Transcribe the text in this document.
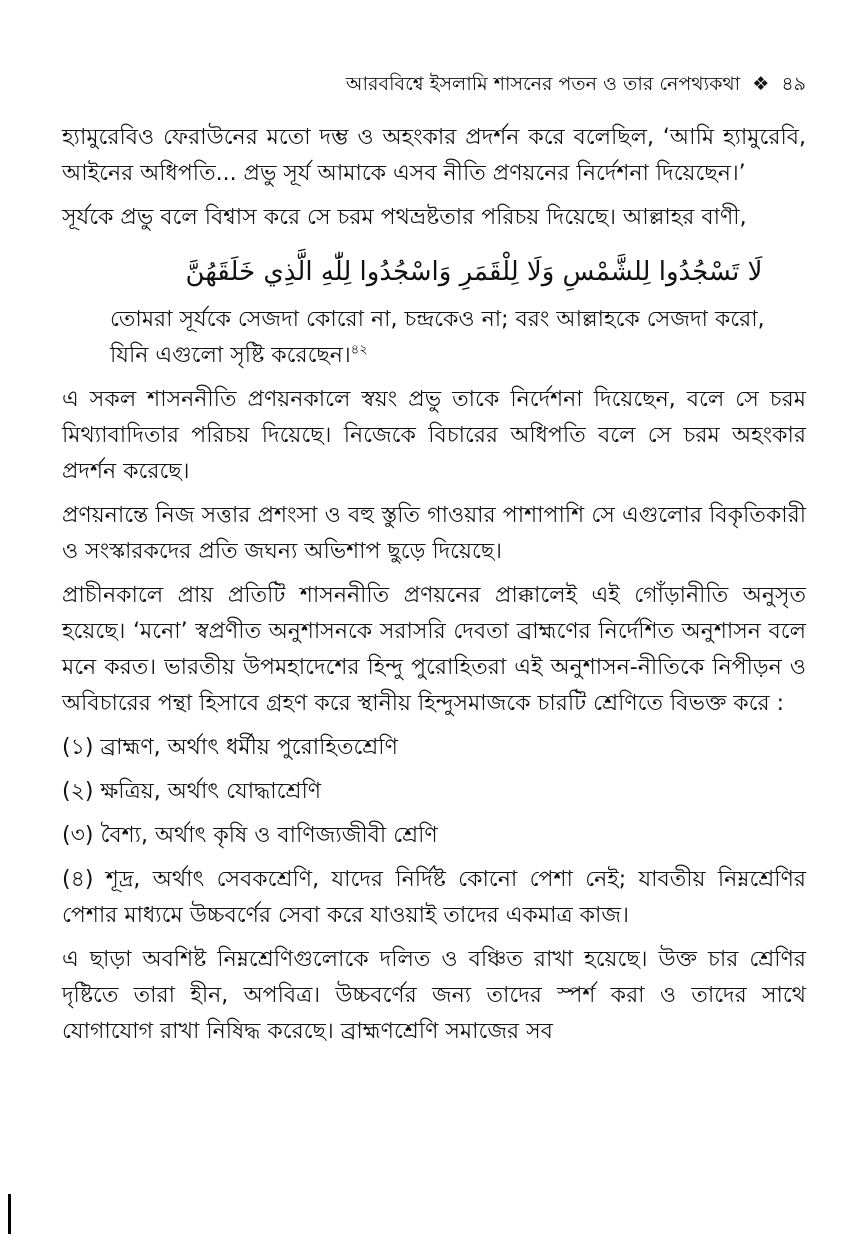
আরববিশ্বে ইসলামি শাসনের পতন ও তার নেপথ্যকথা ❖ ৪৯

হ্যামুরেবিও ফেরাউনের মতো দম্ভ ও অহংকার প্রদর্শন করে বলেছিল, ‘আমি হ্যামুরেবি, আইনের অধিপতি... প্রভু সূর্য আমাকে এসব নীতি প্রণয়নের নির্দেশনা দিয়েছেন।’

সূর্যকে প্রভু বলে বিশ্বাস করে সে চরম পথভ্রষ্টতার পরিচয় দিয়েছে। আল্লাহর বাণী,

لَا تَسْجُدُوا لِلشَّمْسِ وَلَا لِلْقَمَرِ وَاسْجُدُوا لِلّٰهِ الَّذِي خَلَقَهُنَّ

তোমরা সূর্যকে সেজদা কোরো না, চন্দ্রকেও না; বরং আল্লাহকে সেজদা করো, যিনি এগুলো সৃষ্টি করেছেন।$^{৪২}$

এ সকল শাসননীতি প্রণয়নকালে স্বয়ং প্রভু তাকে নির্দেশনা দিয়েছেন, বলে সে চরম মিথ্যাবাদিতার পরিচয় দিয়েছে। নিজেকে বিচারের অধিপতি বলে সে চরম অহংকার প্রদর্শন করেছে।

প্রণয়নান্তে নিজ সত্তার প্রশংসা ও বহু স্তুতি গাওয়ার পাশাপাশি সে এগুলোর বিকৃতিকারী ও সংস্কারকদের প্রতি জঘন্য অভিশাপ ছুড়ে দিয়েছে।

প্রাচীনকালে প্রায় প্রতিটি শাসননীতি প্রণয়নের প্রাক্কালেই এই গোঁড়ানীতি অনুসৃত হয়েছে। ‘মনো’ স্বপ্রণীত অনুশাসনকে সরাসরি দেবতা ব্রাহ্মণের নির্দেশিত অনুশাসন বলে মনে করত। ভারতীয় উপমহাদেশের হিন্দু পুরোহিতরা এই অনুশাসন-নীতিকে নিপীড়ন ও অবিচারের পন্থা হিসাবে গ্রহণ করে স্থানীয় হিন্দুসমাজকে চারটি শ্রেণিতে বিভক্ত করে :

(১) ব্রাহ্মণ, অর্থাৎ ধর্মীয় পুরোহিতশ্রেণি

(২) ক্ষত্রিয়, অর্থাৎ যোদ্ধাশ্রেণি

(৩) বৈশ্য, অর্থাৎ কৃষি ও বাণিজ্যজীবী শ্রেণি

(৪) শূদ্র, অর্থাৎ সেবকশ্রেণি, যাদের নির্দিষ্ট কোনো পেশা নেই; যাবতীয় নিম্নশ্রেণির পেশার মাধ্যমে উচ্চবর্ণের সেবা করে যাওয়াই তাদের একমাত্র কাজ।

এ ছাড়া অবশিষ্ট নিম্নশ্রেণিগুলোকে দলিত ও বঞ্চিত রাখা হয়েছে। উক্ত চার শ্রেণির দৃষ্টিতে তারা হীন, অপবিত্র। উচ্চবর্ণের জন্য তাদের স্পর্শ করা ও তাদের সাথে যোগাযোগ রাখা নিষিদ্ধ করেছে। ব্রাহ্মণশ্রেণি সমাজের সব
